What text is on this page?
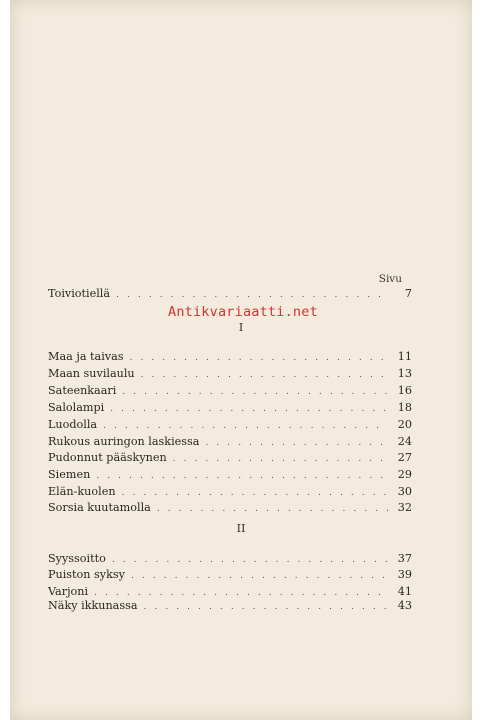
Sivu
Toiviotiellä . . .	7
I
Maa ja taivas . . .	11
Maan suvilaulu . . .	13
Sateenkaari . . .	16
Salolampi . . .	18
Luodolla . . .	20
Rukous auringon laskiessa . . .	24
Pudonnut pääskynen . . .	27
Siemen . . .	29
Elän-kuolen . . .	30
Sorsia kuutamolla . . .	32
II
Syyssoitto . . .	37
Puiston syksy . . .	39
Varjoni . . .	41
Näky ikkunassa . . .	43
Antikvariaatti.net
